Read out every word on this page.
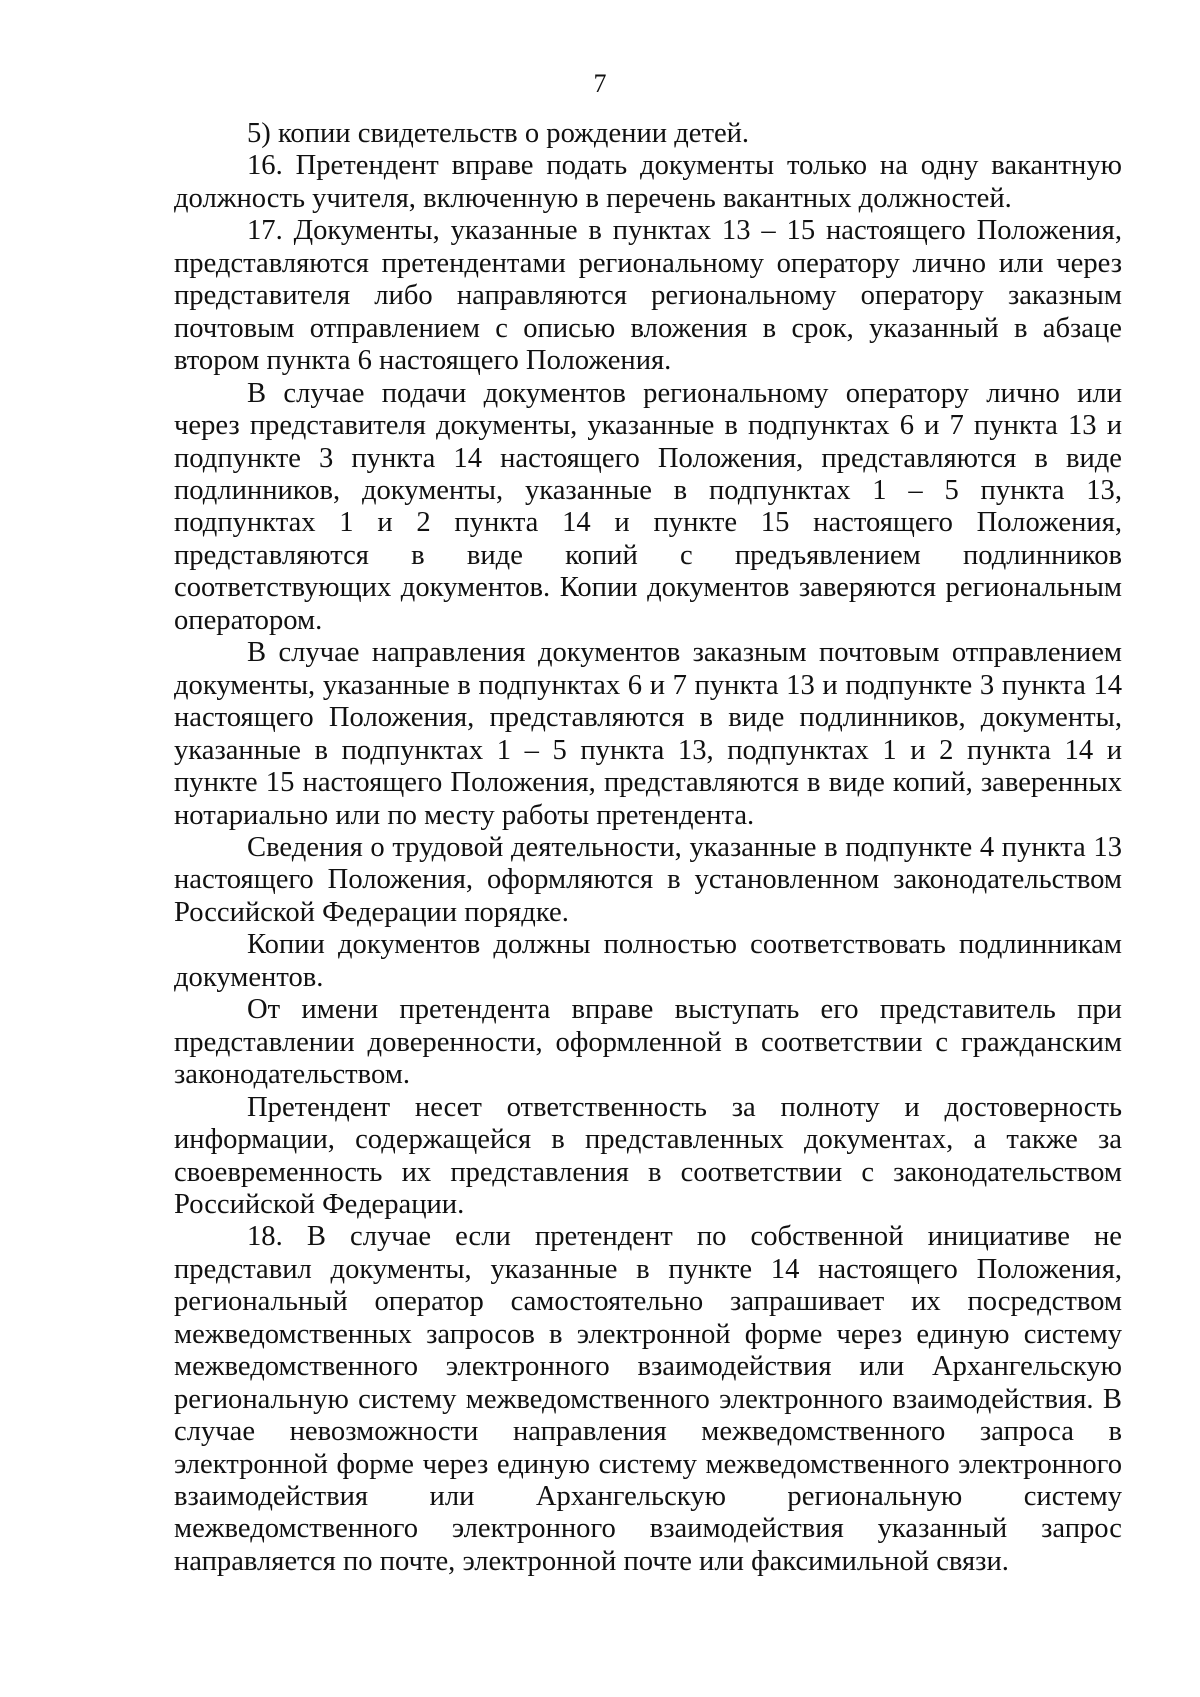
7

5) копии свидетельств о рождении детей.

16. Претендент вправе подать документы только на одну вакантную должность учителя, включенную в перечень вакантных должностей.

17. Документы, указанные в пунктах 13 – 15 настоящего Положения, представляются претендентами региональному оператору лично или через представителя либо направляются региональному оператору заказным почтовым отправлением с описью вложения в срок, указанный в абзаце втором пункта 6 настоящего Положения.

В случае подачи документов региональному оператору лично или через представителя документы, указанные в подпунктах 6 и 7 пункта 13 и подпункте 3 пункта 14 настоящего Положения, представляются в виде подлинников, документы, указанные в подпунктах 1 – 5 пункта 13, подпунктах 1 и 2 пункта 14 и пункте 15 настоящего Положения, представляются в виде копий с предъявлением подлинников соответствующих документов. Копии документов заверяются региональным оператором.

В случае направления документов заказным почтовым отправлением документы, указанные в подпунктах 6 и 7 пункта 13 и подпункте 3 пункта 14 настоящего Положения, представляются в виде подлинников, документы, указанные в подпунктах 1 – 5 пункта 13, подпунктах 1 и 2 пункта 14 и пункте 15 настоящего Положения, представляются в виде копий, заверенных нотариально или по месту работы претендента.

Сведения о трудовой деятельности, указанные в подпункте 4 пункта 13 настоящего Положения, оформляются в установленном законодательством Российской Федерации порядке.

Копии документов должны полностью соответствовать подлинникам документов.

От имени претендента вправе выступать его представитель при представлении доверенности, оформленной в соответствии с гражданским законодательством.

Претендент несет ответственность за полноту и достоверность информации, содержащейся в представленных документах, а также за своевременность их представления в соответствии с законодательством Российской Федерации.

18. В случае если претендент по собственной инициативе не представил документы, указанные в пункте 14 настоящего Положения, региональный оператор самостоятельно запрашивает их посредством межведомственных запросов в электронной форме через единую систему межведомственного электронного взаимодействия или Архангельскую региональную систему межведомственного электронного взаимодействия. В случае невозможности направления межведомственного запроса в электронной форме через единую систему межведомственного электронного взаимодействия или Архангельскую региональную систему межведомственного электронного взаимодействия указанный запрос направляется по почте, электронной почте или факсимильной связи.
